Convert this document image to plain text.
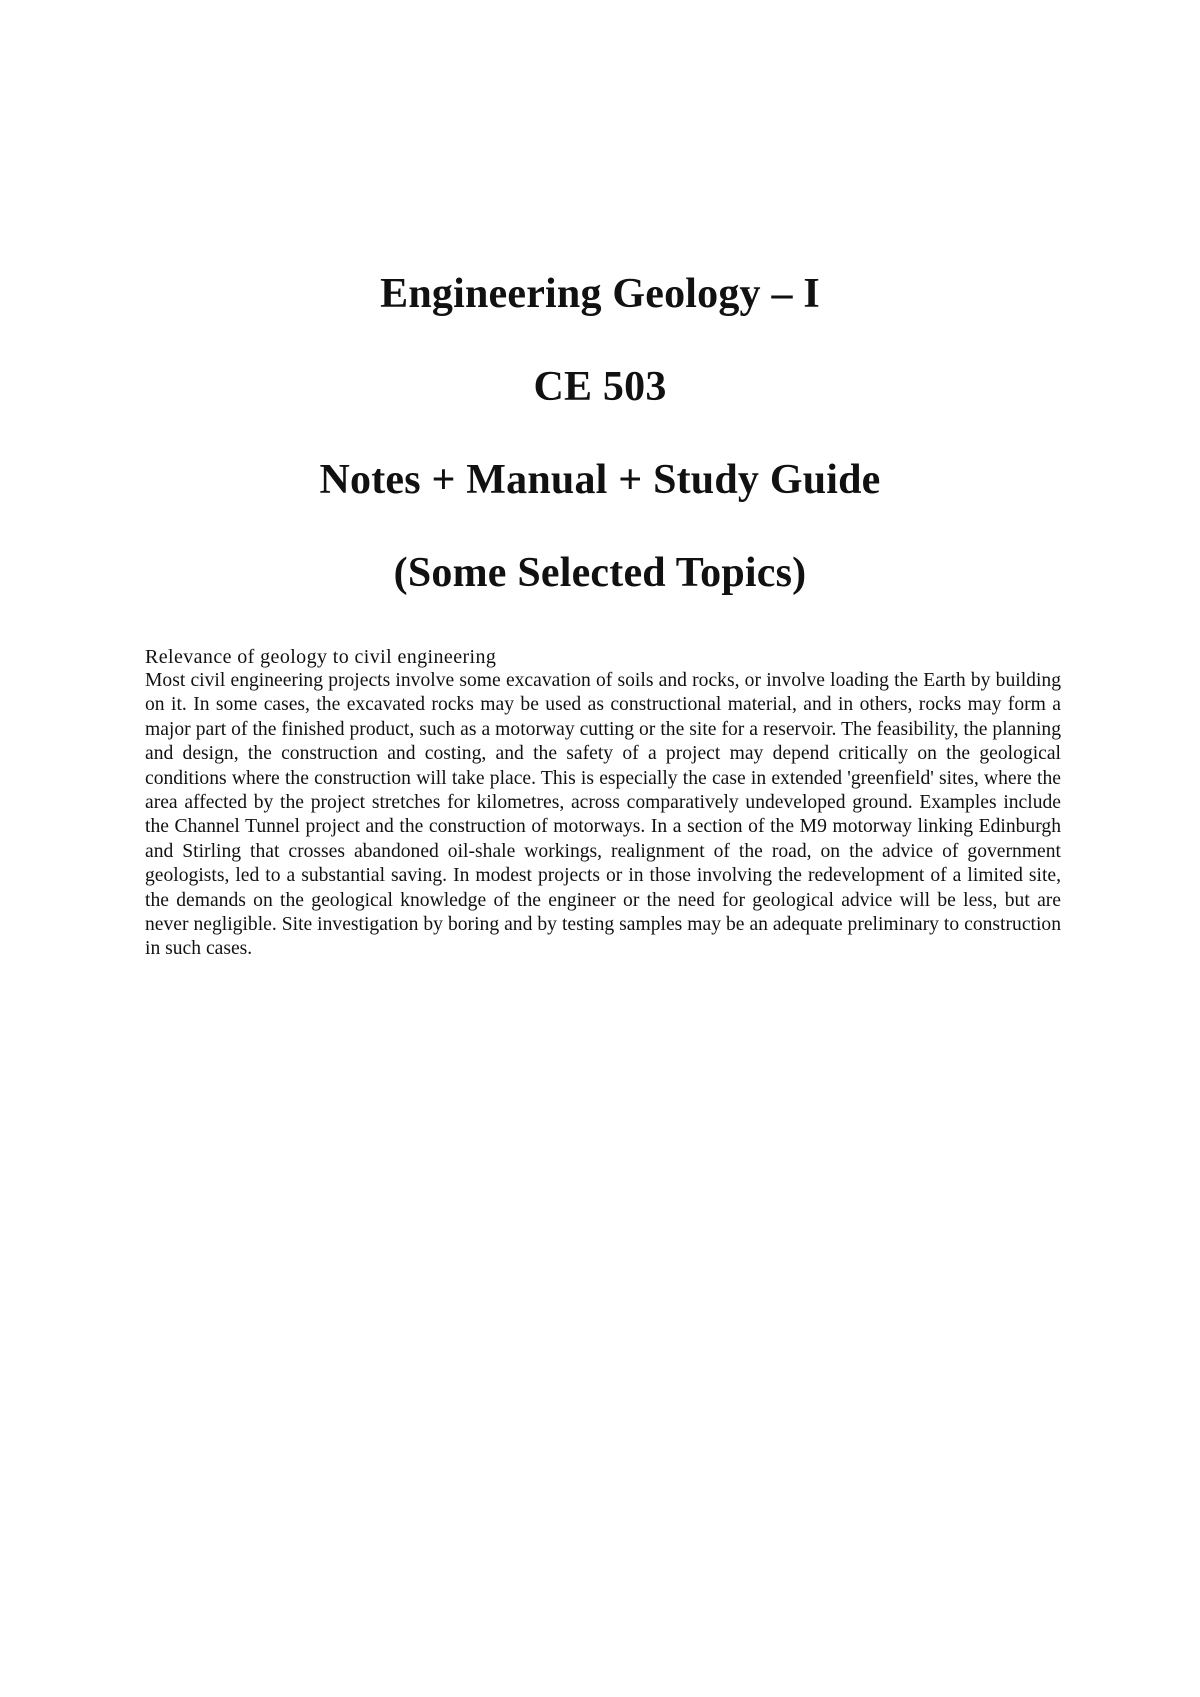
Engineering Geology – I
CE 503
Notes + Manual + Study Guide
(Some Selected Topics)

Relevance of geology to civil engineering

Most civil engineering projects involve some excavation of soils and rocks, or involve loading the Earth by building on it. In some cases, the excavated rocks may be used as constructional material, and in others, rocks may form a major part of the finished product, such as a motorway cutting or the site for a reservoir. The feasibility, the planning and design, the construction and costing, and the safety of a project may depend critically on the geological conditions where the construction will take place. This is especially the case in extended 'greenfield' sites, where the area affected by the project stretches for kilometres, across comparatively undeveloped ground. Examples include the Channel Tunnel project and the construction of motorways. In a section of the M9 motorway linking Edinburgh and Stirling that crosses abandoned oil-shale workings, realignment of the road, on the advice of government geologists, led to a substantial saving. In modest projects or in those involving the redevelopment of a limited site, the demands on the geological knowledge of the engineer or the need for geological advice will be less, but are never negligible. Site investigation by boring and by testing samples may be an adequate preliminary to construction in such cases.
